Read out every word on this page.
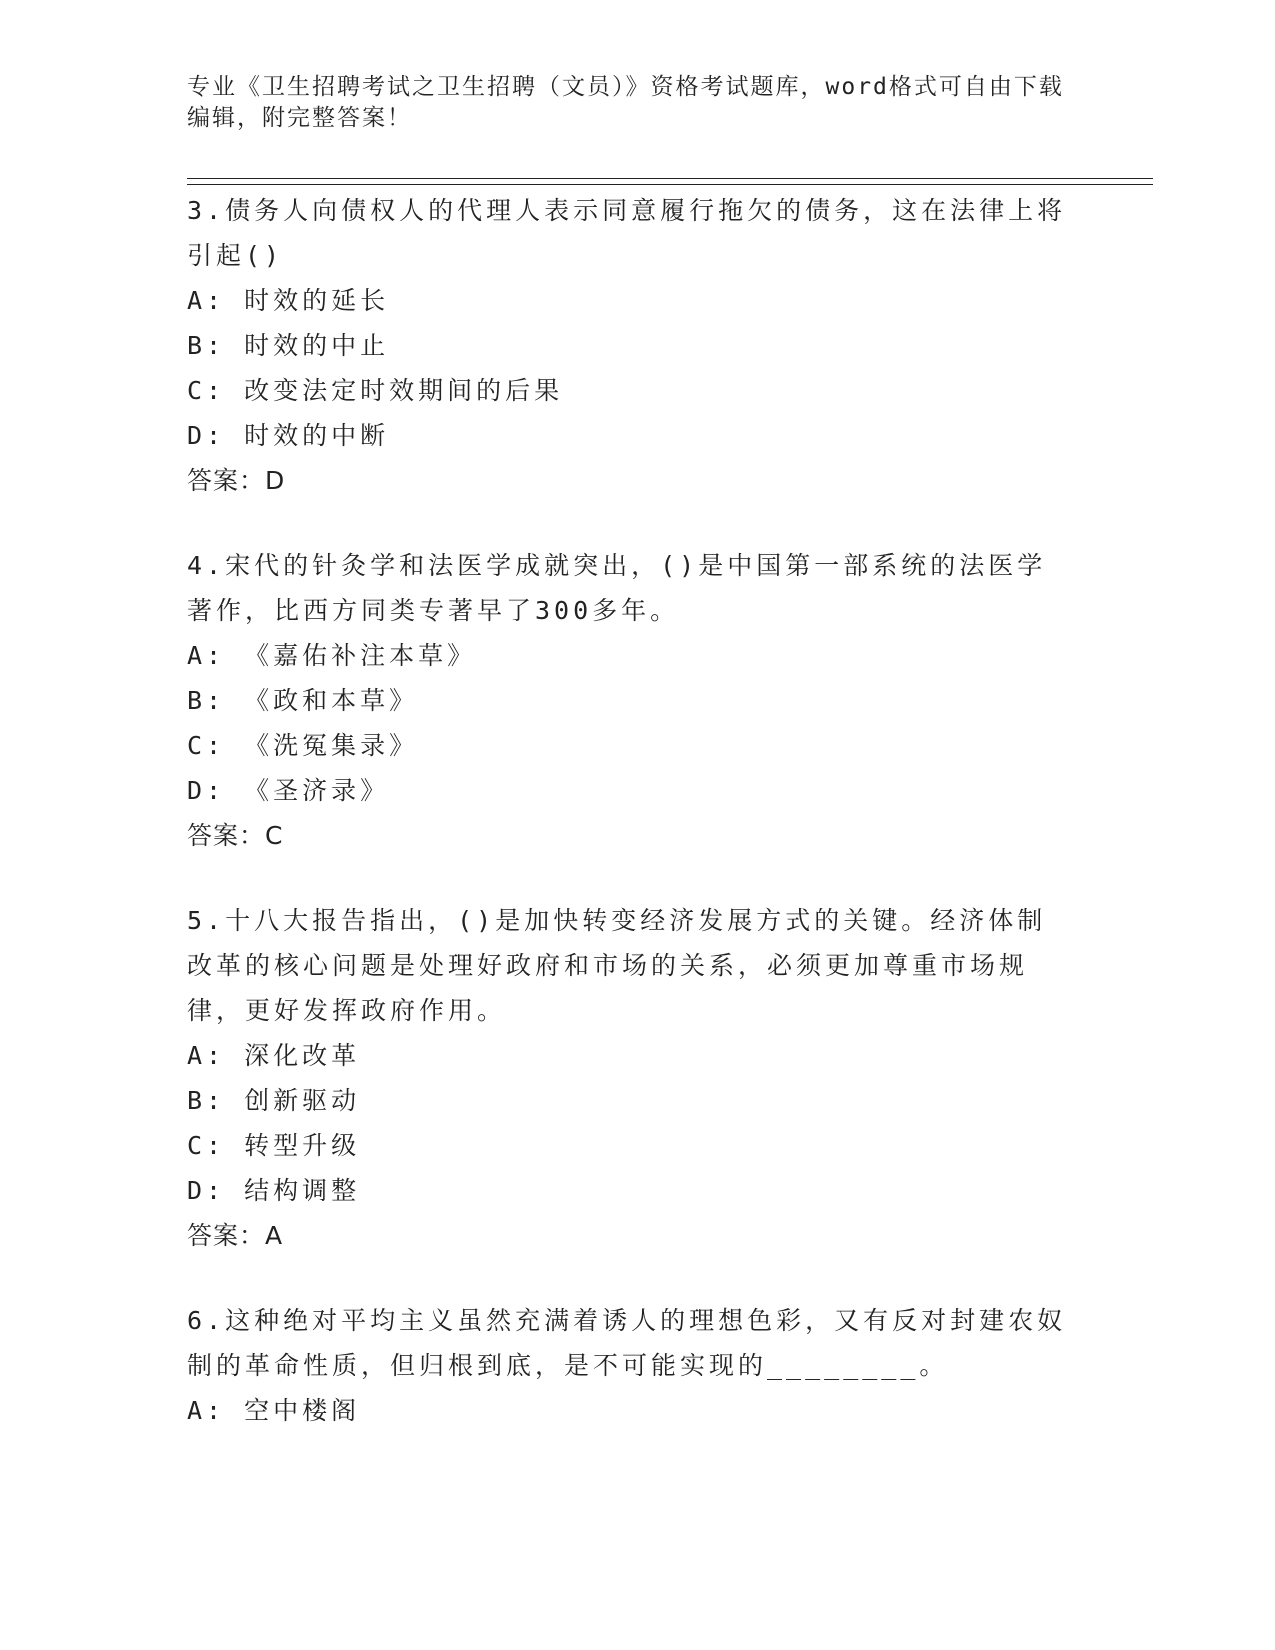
专业《卫生招聘考试之卫生招聘（文员）》资格考试题库，word格式可自由下载编辑，附完整答案！
3.债务人向债权人的代理人表示同意履行拖欠的债务，这在法律上将引起()
A: 时效的延长
B: 时效的中止
C: 改变法定时效期间的后果
D: 时效的中断
答案：D
4.宋代的针灸学和法医学成就突出，()是中国第一部系统的法医学著作，比西方同类专著早了300多年。
A: 《嘉佑补注本草》
B: 《政和本草》
C: 《洗冤集录》
D: 《圣济录》
答案：C
5.十八大报告指出，()是加快转变经济发展方式的关键。经济体制改革的核心问题是处理好政府和市场的关系，必须更加尊重市场规律，更好发挥政府作用。
A: 深化改革
B: 创新驱动
C: 转型升级
D: 结构调整
答案：A
6.这种绝对平均主义虽然充满着诱人的理想色彩，又有反对封建农奴制的革命性质，但归根到底，是不可能实现的________。
A: 空中楼阁
